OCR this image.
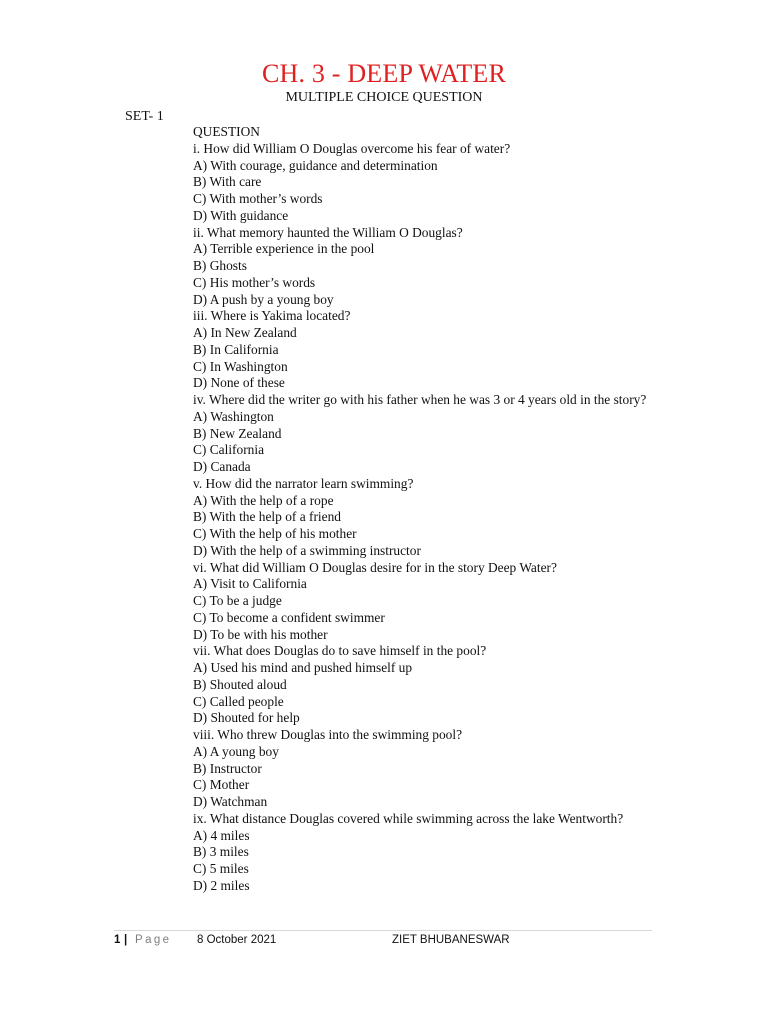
CH. 3 - DEEP WATER
MULTIPLE CHOICE QUESTION
SET- 1
QUESTION
i. How did William O Douglas overcome his fear of water?
A) With courage, guidance and determination
B) With care
C) With mother’s words
D) With guidance
ii. What memory haunted the William O Douglas?
A) Terrible experience in the pool
B) Ghosts
C) His mother’s words
D) A push by a young boy
iii. Where is Yakima located?
A) In New Zealand
B) In California
C) In Washington
D) None of these
iv. Where did the writer go with his father when he was 3 or 4 years old in the story?
A) Washington
B) New Zealand
C) California
D) Canada
v. How did the narrator learn swimming?
A) With the help of a rope
B) With the help of a friend
C) With the help of his mother
D) With the help of a swimming instructor
vi. What did William O Douglas desire for in the story Deep Water?
A) Visit to California
C) To be a judge
C) To become a confident swimmer
D) To be with his mother
vii. What does Douglas do to save himself in the pool?
A) Used his mind and pushed himself up
B) Shouted aloud
C) Called people
D) Shouted for help
viii. Who threw Douglas into the swimming pool?
A) A young boy
B) Instructor
C) Mother
D) Watchman
ix. What distance Douglas covered while swimming across the lake Wentworth?
A) 4 miles
B) 3 miles
C) 5 miles
D) 2 miles
1 | Page 8 October 2021	ZIET BHUBANESWAR
